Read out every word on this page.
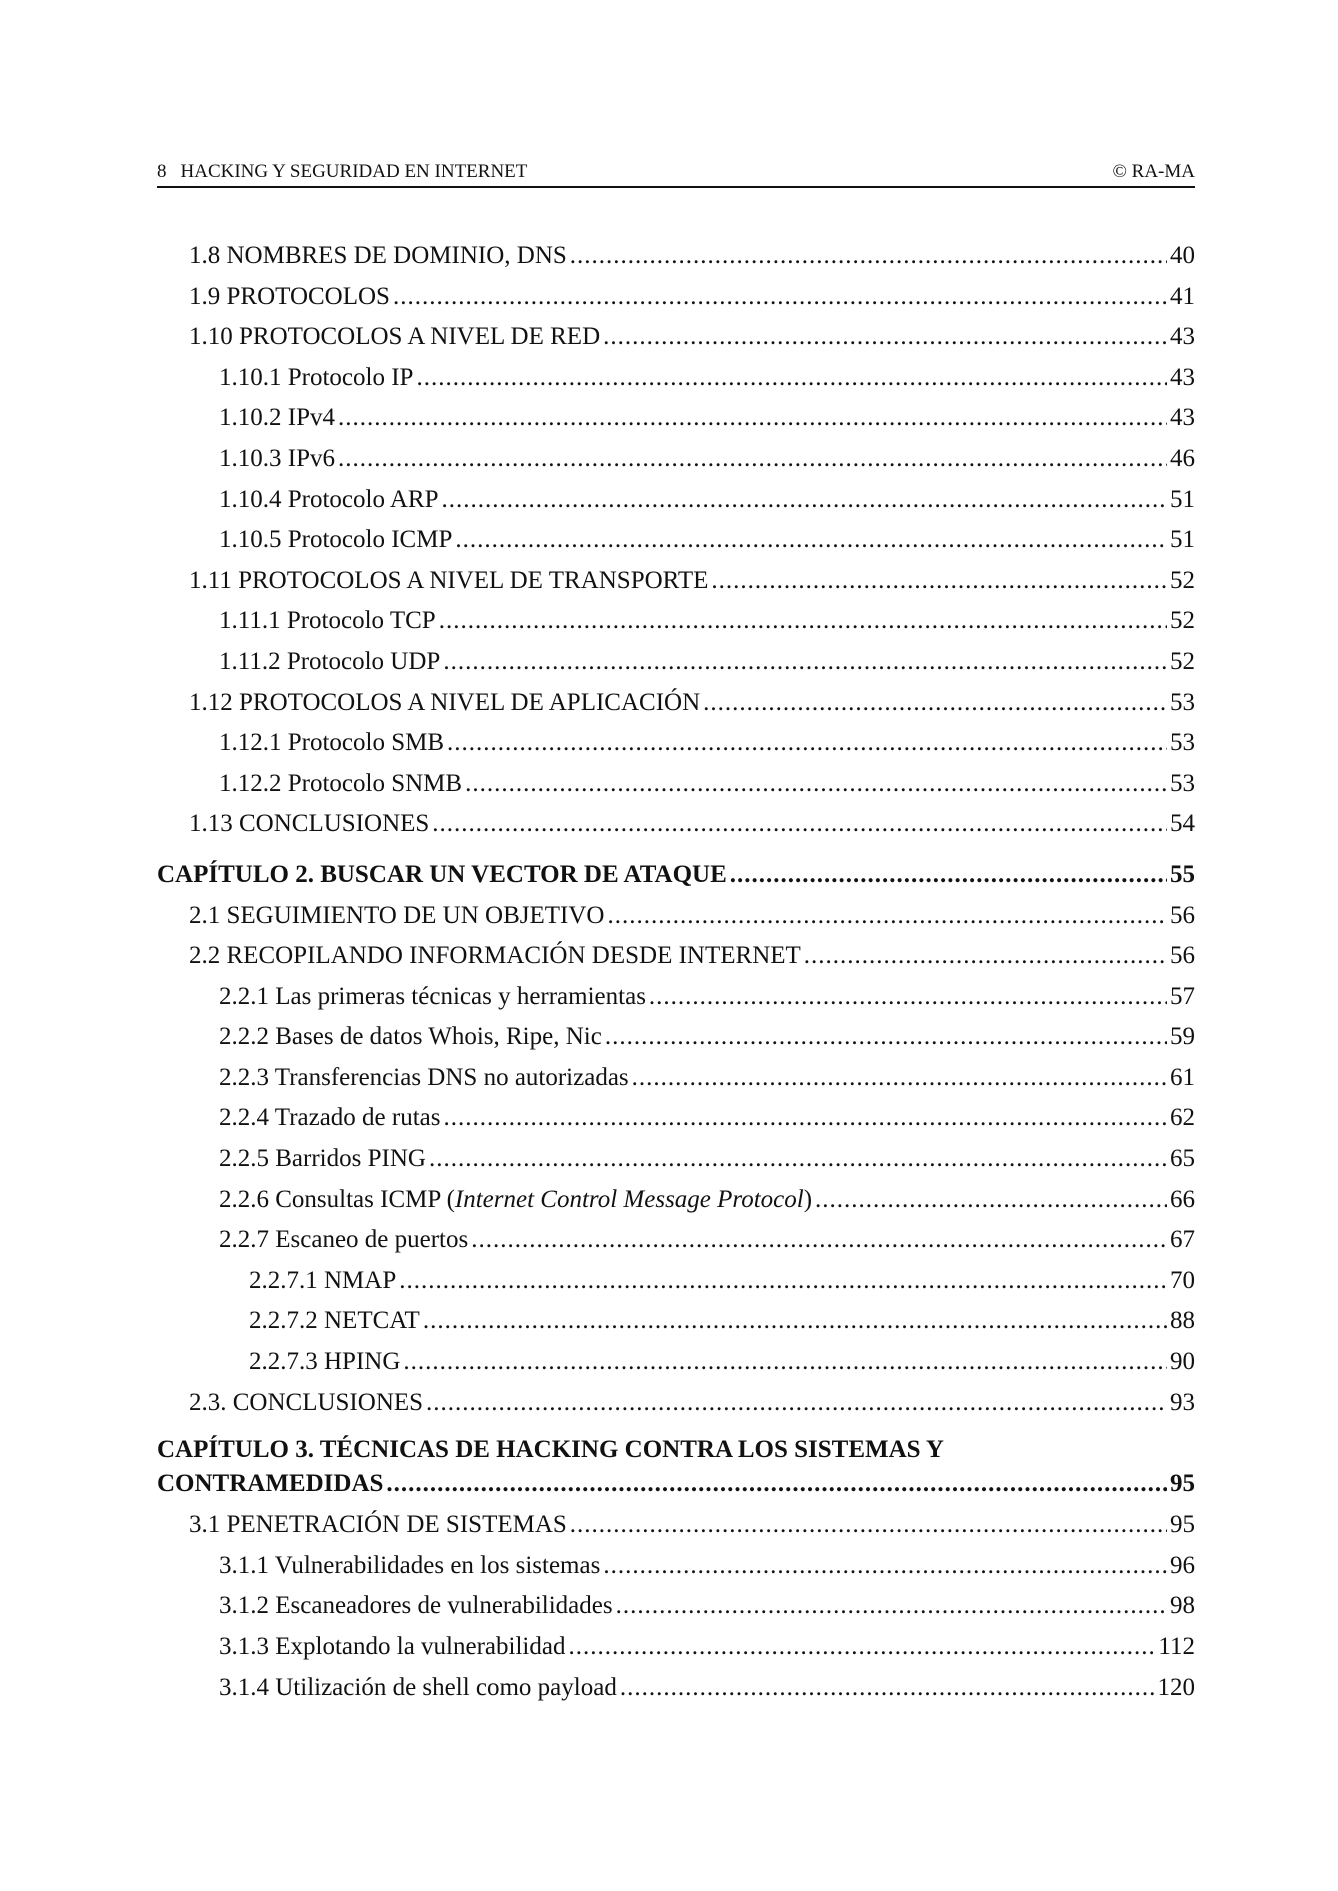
8 HACKING Y SEGURIDAD EN INTERNET	© RA-MA
1.8 NOMBRES DE DOMINIO, DNS .....	40
1.9 PROTOCOLOS .....	41
1.10 PROTOCOLOS A NIVEL DE RED .....	43
1.10.1 Protocolo IP .....	43
1.10.2 IPv4 .....	43
1.10.3 IPv6 .....	46
1.10.4 Protocolo ARP .....	51
1.10.5 Protocolo ICMP .....	51
1.11 PROTOCOLOS A NIVEL DE TRANSPORTE .....	52
1.11.1 Protocolo TCP .....	52
1.11.2 Protocolo UDP .....	52
1.12 PROTOCOLOS A NIVEL DE APLICACIÓN .....	53
1.12.1 Protocolo SMB .....	53
1.12.2 Protocolo SNMB .....	53
1.13 CONCLUSIONES .....	54
CAPÍTULO 2. BUSCAR UN VECTOR DE ATAQUE .....	55
2.1 SEGUIMIENTO DE UN OBJETIVO .....	56
2.2 RECOPILANDO INFORMACIÓN DESDE INTERNET .....	56
2.2.1 Las primeras técnicas y herramientas .....	57
2.2.2 Bases de datos Whois, Ripe, Nic .....	59
2.2.3 Transferencias DNS no autorizadas .....	61
2.2.4 Trazado de rutas .....	62
2.2.5 Barridos PING .....	65
2.2.6 Consultas ICMP (Internet Control Message Protocol) .....	66
2.2.7 Escaneo de puertos .....	67
2.2.7.1 NMAP .....	70
2.2.7.2 NETCAT .....	88
2.2.7.3 HPING .....	90
2.3. CONCLUSIONES .....	93
CAPÍTULO 3. TÉCNICAS DE HACKING CONTRA LOS SISTEMAS Y
CONTRAMEDIDAS .....	95
3.1 PENETRACIÓN DE SISTEMAS .....	95
3.1.1 Vulnerabilidades en los sistemas .....	96
3.1.2 Escaneadores de vulnerabilidades .....	98
3.1.3 Explotando la vulnerabilidad .....	112
3.1.4 Utilización de shell como payload .....	120
